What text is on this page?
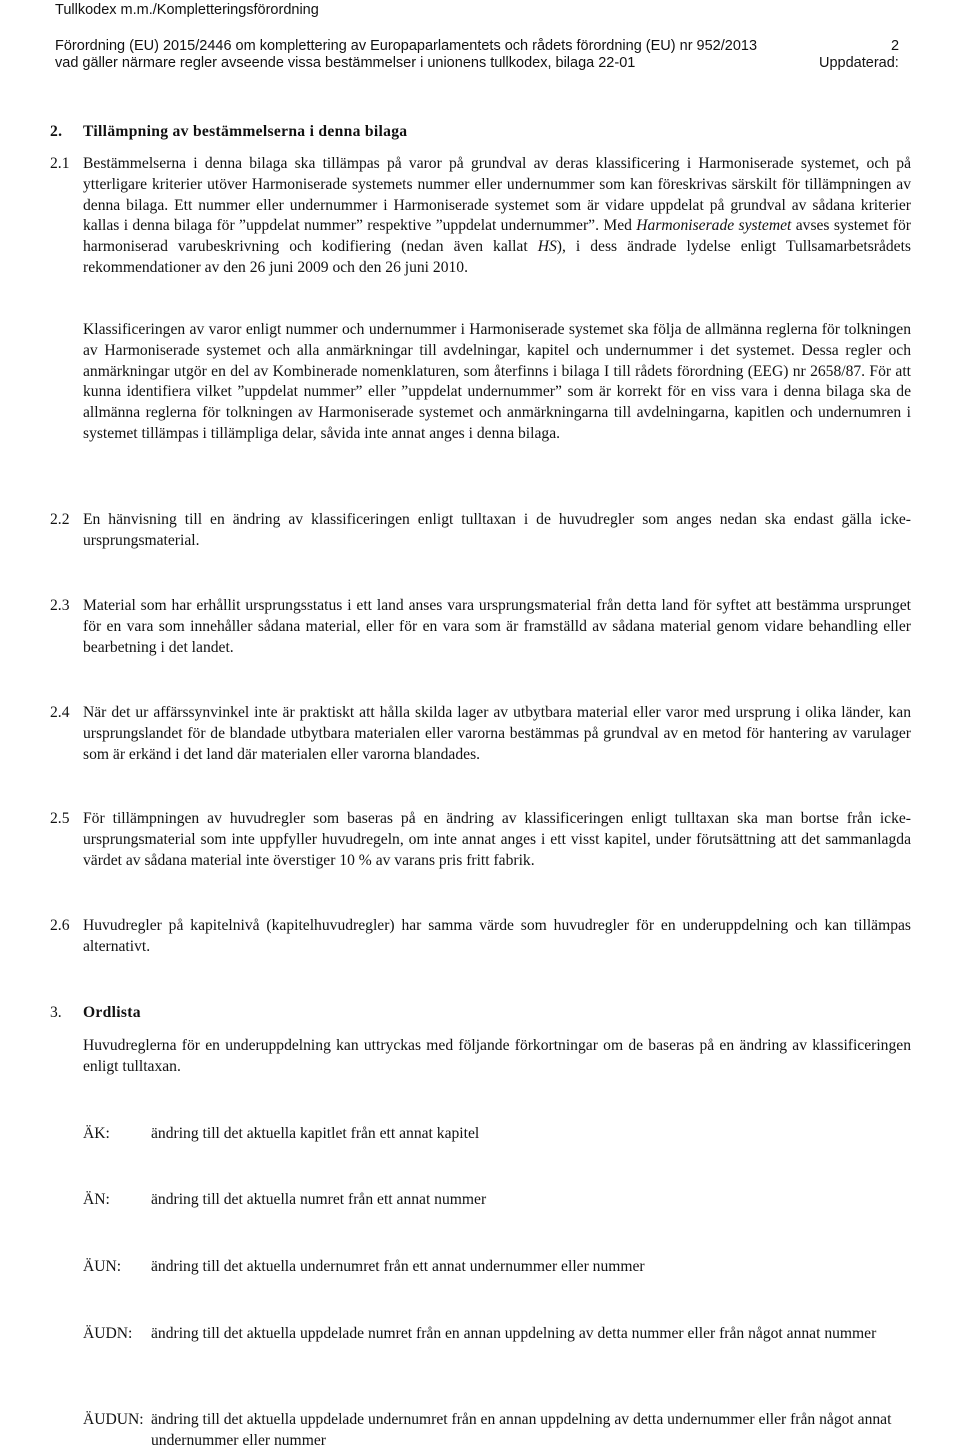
Tullkodex m.m./Kompletteringsförordning
Förordning (EU) 2015/2446 om komplettering av Europaparlamentets och rådets förordning (EU) nr 952/2013
vad gäller närmare regler avseende vissa bestämmelser i unionens tullkodex, bilaga 22-01
2
Uppdaterad:
2. Tillämpning av bestämmelserna i denna bilaga
2.1 Bestämmelserna i denna bilaga ska tillämpas på varor på grundval av deras klassificering i Harmoniserade systemet, och på ytterligare kriterier utöver Harmoniserade systemets nummer eller undernummer som kan föreskrivas särskilt för tillämpningen av denna bilaga. Ett nummer eller undernummer i Harmoniserade systemet som är vidare uppdelat på grundval av sådana kriterier kallas i denna bilaga för ”uppdelat nummer” respektive ”uppdelat undernummer”. Med Harmoniserade systemet avses systemet för harmoniserad varubeskrivning och kodifiering (nedan även kallat HS), i dess ändrade lydelse enligt Tullsamarbetsrådets rekommendationer av den 26 juni 2009 och den 26 juni 2010.
Klassificeringen av varor enligt nummer och undernummer i Harmoniserade systemet ska följa de allmänna reglerna för tolkningen av Harmoniserade systemet och alla anmärkningar till avdelningar, kapitel och undernummer i det systemet. Dessa regler och anmärkningar utgör en del av Kombinerade nomenklaturen, som återfinns i bilaga I till rådets förordning (EEG) nr 2658/87. För att kunna identifiera vilket ”uppdelat nummer” eller ”uppdelat undernummer” som är korrekt för en viss vara i denna bilaga ska de allmänna reglerna för tolkningen av Harmoniserade systemet och anmärkningarna till avdelningarna, kapitlen och undernumren i systemet tillämpas i tillämpliga delar, såvida inte annat anges i denna bilaga.
2.2 En hänvisning till en ändring av klassificeringen enligt tulltaxan i de huvudregler som anges nedan ska endast gälla icke-ursprungsmaterial.
2.3 Material som har erhållit ursprungsstatus i ett land anses vara ursprungsmaterial från detta land för syftet att bestämma ursprunget för en vara som innehåller sådana material, eller för en vara som är framställd av sådana material genom vidare behandling eller bearbetning i det landet.
2.4 När det ur affärssynvinkel inte är praktiskt att hålla skilda lager av utbytbara material eller varor med ursprung i olika länder, kan ursprungslandet för de blandade utbytbara materialen eller varorna bestämmas på grundval av en metod för hantering av varulager som är erkänd i det land där materialen eller varorna blandades.
2.5 För tillämpningen av huvudregler som baseras på en ändring av klassificeringen enligt tulltaxan ska man bortse från icke-ursprungsmaterial som inte uppfyller huvudregeln, om inte annat anges i ett visst kapitel, under förutsättning att det sammanlagda värdet av sådana material inte överstiger 10 % av varans pris fritt fabrik.
2.6 Huvudregler på kapitelnivå (kapitelhuvudregler) har samma värde som huvudregler för en underuppdelning och kan tillämpas alternativt.
3. Ordlista
Huvudreglerna för en underuppdelning kan uttryckas med följande förkortningar om de baseras på en ändring av klassificeringen enligt tulltaxan.
ÄK:	ändring till det aktuella kapitlet från ett annat kapitel
ÄN:	ändring till det aktuella numret från ett annat nummer
ÄUN: ändring till det aktuella undernumret från ett annat undernummer eller nummer
ÄUDN: ändring till det aktuella uppdelade numret från en annan uppdelning av detta nummer eller från något annat nummer
ÄUDUN: ändring till det aktuella uppdelade undernumret från en annan uppdelning av detta undernummer eller från något annat undernummer eller nummer
